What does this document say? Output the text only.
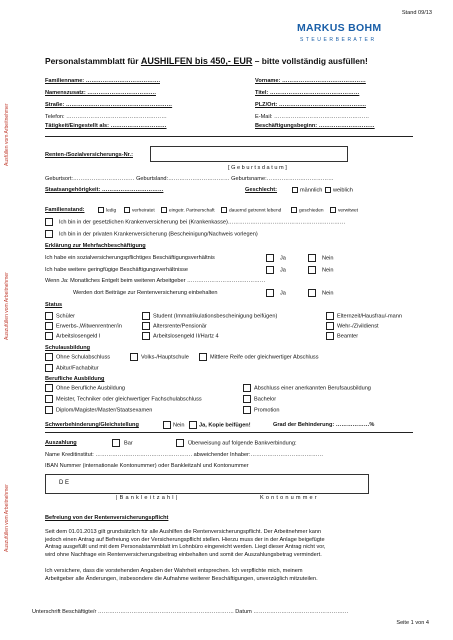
Stand 09/13
MARKUS BOHM
S T E U E R B E R A T E R
Personalstammblatt für AUSHILFEN bis 450,- EUR – bitte vollständig ausfüllen!
Ausfüllen vom Arbeitnehmer
Auszufüllen vom Arbeitnehmer
Auszufüllen vom Arbeitnehmer
Familienname: ………………………………….	Vorname: ………………………………………
Namenszusatz: ……………………………….	Titel: …………………………………………
Straße: …………………………………………………	PLZ/Ort: ………………………………………..
Telefon: ………………………………………………	E-Mail: ……………………………………………
Tätigkeit/Eingestellt als: …………………………	Beschäftigungsbeginn: …………………………
Renten-/Sozialversicherungs-Nr.:
[ G e b u r t s d a t u m ]
Geburtsort:…………………………… Geburtsland:…………………………… Geburtsname:………………………………
Staatsangehörigkeit: ……………………………	Geschlecht:	männlich	weiblich
Familienstand:	ledig	verheiratet	eingetr. Partnerschaft	dauernd getrennt lebend	geschieden	verwitwet
Ich bin in der gesetzlichen Krankenversicherung bei (Krankenkasse)………………………………………………………
Ich bin in der privaten Krankenversicherung (Bescheinigung/Nachweis vorlegen)
Erklärung zur Mehrfachbeschäftigung
Ich habe ein sozialversicherungspflichtiges Beschäftigungsverhältnis	Ja	Nein
Ich habe weitere geringfügige Beschäftigungsverhältnisse	Ja	Nein
Wenn Ja: Monatliches Entgelt beim weiteren Arbeitgeber ……………………………………
Werden dort Beiträge zur Rentenversicherung einbehalten	Ja	Nein
Status
Schüler	Student (Immatrikulationsbescheinigung beifügen)	Elternzeit/Hausfrau/-mann
Erwerbs-,Witwenrentner/in	Altersrente/Pensionär	Wehr-/Zivildienst
Arbeitslosengeld I	Arbeitslosengeld II/Hartz 4	Beamter
Schulausbildung
Ohne Schulabschluss	Volks-/Hauptschule	Mittlere Reife oder gleichwertiger Abschluss
Abitur/Fachabitur
Berufliche Ausbildung
Ohne Berufliche Ausbildung	Abschluss einer anerkannten Berufsausbildung
Meister, Techniker oder gleichwertiger Fachschulabschluss	Bachelor
Diplom/Magister/Master/Staatsexamen	Promotion
Schwerbehinderung/Gleichstellung	Nein	Ja, Kopie beifügen!	Grad der Behinderung: ………………%
Auszahlung	Bar	Überweisung auf folgende Bankverbindung:
Name Kreditinstitut: ……………………………………………. abweichender Inhaber:…………………………………
IBAN Nummer (internationale Kontonummer) oder Bankleitzahl und Kontonummer
D E
| B a n k l e i t z a h l |	K o n t o n u m m e r
Befreiung von der Rentenversicherungspflicht
Seit dem 01.01.2013 gilt grundsätzlich für alle Aushilfen die Rentenversicherungspflicht. Der Arbeitnehmer kann
jedoch einen Antrag auf Befreiung von der Versicherungspflicht stellen. Hierzu muss der in der Anlage beigefügte
Antrag ausgefüllt und mit dem Personalstammblatt im Lohnbüro eingereicht werden. Liegt dieser Antrag nicht vor,
wird ohne Nachfrage ein Rentenversicherungsbeitrag einbehalten und somit der Auszahlungsbetrag vermindert.
Ich versichere, dass die vorstehenden Angaben der Wahrheit entsprechen. Ich verpflichte mich, meinem
Arbeitgeber alle Änderungen, insbesondere die Aufnahme weiterer Beschäftigungen, unverzüglich mitzuteilen.
Unterschrift Beschäftigte/r ………………………………………………………………. Datum ……………………………………………
Seite 1 von 4
